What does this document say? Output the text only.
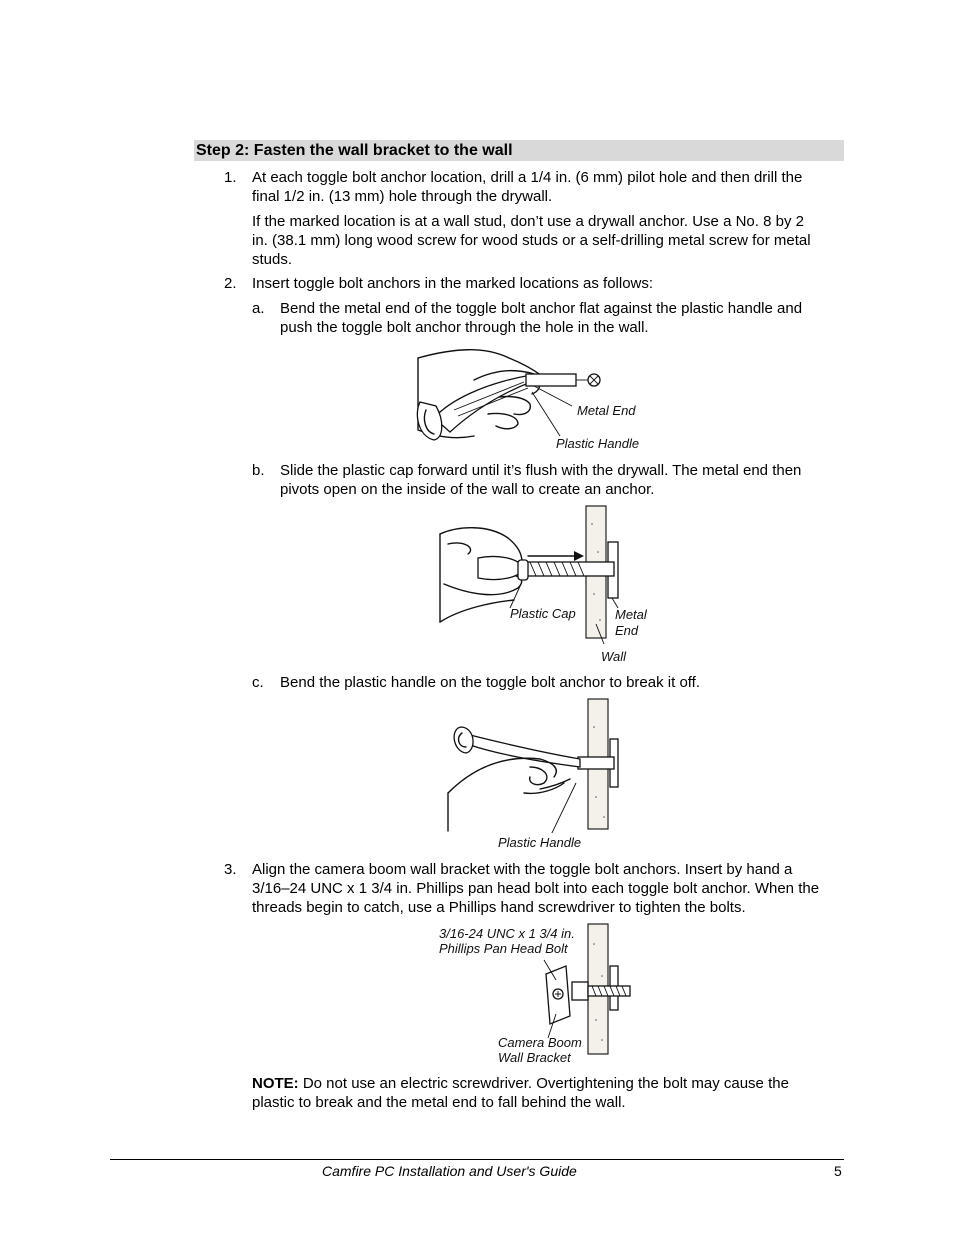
Step 2: Fasten the wall bracket to the wall
1. At each toggle bolt anchor location, drill a 1/4 in. (6 mm) pilot hole and then drill the final 1/2 in. (13 mm) hole through the drywall.
If the marked location is at a wall stud, don’t use a drywall anchor. Use a No. 8 by 2 in. (38.1 mm) long wood screw for wood studs or a self-drilling metal screw for metal studs.
2. Insert toggle bolt anchors in the marked locations as follows:
a. Bend the metal end of the toggle bolt anchor flat against the plastic handle and push the toggle bolt anchor through the hole in the wall.
Metal End
Plastic Handle
b. Slide the plastic cap forward until it’s flush with the drywall. The metal end then pivots open on the inside of the wall to create an anchor.
Plastic Cap	Metal
End
Wall
c. Bend the plastic handle on the toggle bolt anchor to break it off.
Plastic Handle
3. Align the camera boom wall bracket with the toggle bolt anchors. Insert by hand a 3/16–24 UNC x 1 3/4 in. Phillips pan head bolt into each toggle bolt anchor. When the threads begin to catch, use a Phillips hand screwdriver to tighten the bolts.
3/16-24 UNC x 1 3/4 in.
Phillips Pan Head Bolt
Camera Boom
Wall Bracket
NOTE: Do not use an electric screwdriver. Overtightening the bolt may cause the plastic to break and the metal end to fall behind the wall.
Camfire PC Installation and User's Guide	5
